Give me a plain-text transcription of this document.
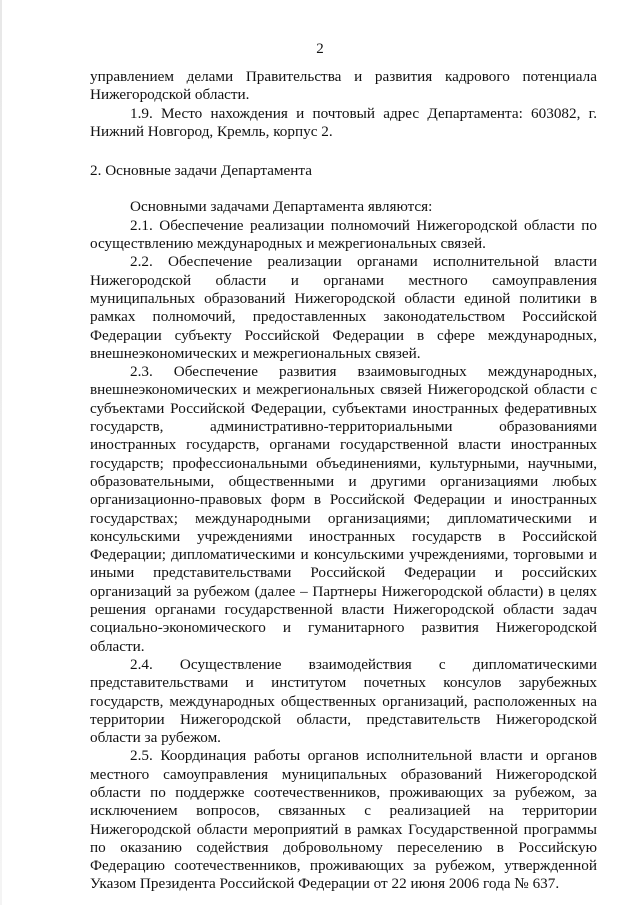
2

управлением делами Правительства и развития кадрового потенциала Нижегородской области.

1.9. Место нахождения и почтовый адрес Департамента: 603082, г. Нижний Новгород, Кремль, корпус 2.

2. Основные задачи Департамента

Основными задачами Департамента являются:

2.1. Обеспечение реализации полномочий Нижегородской области по осуществлению международных и межрегиональных связей.

2.2. Обеспечение реализации органами исполнительной власти Нижегородской области и органами местного самоуправления муниципальных образований Нижегородской области единой политики в рамках полномочий, предоставленных законодательством Российской Федерации субъекту Российской Федерации в сфере международных, внешнеэкономических и межрегиональных связей.

2.3. Обеспечение развития взаимовыгодных международных, внешнеэкономических и межрегиональных связей Нижегородской области с субъектами Российской Федерации, субъектами иностранных федеративных государств, административно-территориальными образованиями иностранных государств, органами государственной власти иностранных государств; профессиональными объединениями, культурными, научными, образовательными, общественными и другими организациями любых организационно-правовых форм в Российской Федерации и иностранных государствах; международными организациями; дипломатическими и консульскими учреждениями иностранных государств в Российской Федерации; дипломатическими и консульскими учреждениями, торговыми и иными представительствами Российской Федерации и российских организаций за рубежом (далее – Партнеры Нижегородской области) в целях решения органами государственной власти Нижегородской области задач социально-экономического и гуманитарного развития Нижегородской области.

2.4. Осуществление взаимодействия с дипломатическими представительствами и институтом почетных консулов зарубежных государств, международных общественных организаций, расположенных на территории Нижегородской области, представительств Нижегородской области за рубежом.

2.5. Координация работы органов исполнительной власти и органов местного самоуправления муниципальных образований Нижегородской области по поддержке соотечественников, проживающих за рубежом, за исключением вопросов, связанных с реализацией на территории Нижегородской области мероприятий в рамках Государственной программы по оказанию содействия добровольному переселению в Российскую Федерацию соотечественников, проживающих за рубежом, утвержденной Указом Президента Российской Федерации от 22 июня 2006 года № 637.
